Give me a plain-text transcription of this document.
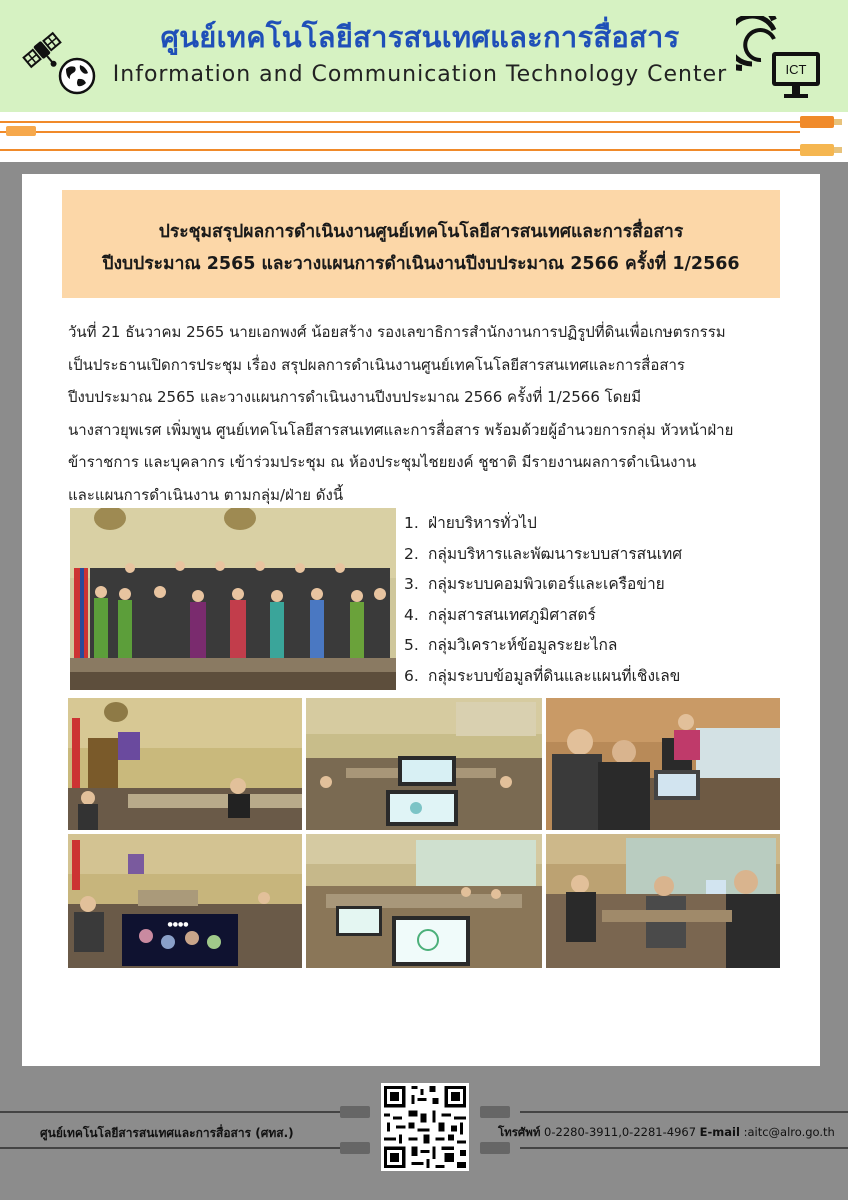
ศูนย์เทคโนโลยีสารสนเทศและการสื่อสาร
Information and Communication Technology Center	ICT
ประชุมสรุปผลการดำเนินงานศูนย์เทคโนโลยีสารสนเทศและการสื่อสาร
ปีงบประมาณ 2565 และวางแผนการดำเนินงานปีงบประมาณ 2566 ครั้งที่ 1/2566
วันที่ 21 ธันวาคม 2565 นายเอกพงศ์ น้อยสร้าง รองเลขาธิการสำนักงานการปฏิรูปที่ดินเพื่อเกษตรกรรม
เป็นประธานเปิดการประชุม เรื่อง สรุปผลการดำเนินงานศูนย์เทคโนโลยีสารสนเทศและการสื่อสาร
ปีงบประมาณ 2565 และวางแผนการดำเนินงานปีงบประมาณ 2566 ครั้งที่ 1/2566 โดยมี
นางสาวยุพเรศ เพิ่มพูน ศูนย์เทคโนโลยีสารสนเทศและการสื่อสาร พร้อมด้วยผู้อำนวยการกลุ่ม หัวหน้าฝ่าย
ข้าราชการ และบุคลากร เข้าร่วมประชุม ณ ห้องประชุมไชยยงค์ ชูชาติ มีรายงานผลการดำเนินงาน
และแผนการดำเนินงาน ตามกลุ่ม/ฝ่าย ดังนี้
1. ฝ่ายบริหารทั่วไป
2. กลุ่มบริหารและพัฒนาระบบสารสนเทศ
3. กลุ่มระบบคอมพิวเตอร์และเครือข่าย
4. กลุ่มสารสนเทศภูมิศาสตร์
5. กลุ่มวิเคราะห์ข้อมูลระยะไกล
6. กลุ่มระบบข้อมูลที่ดินและแผนที่เชิงเลข
●●●●
ศูนย์เทคโนโลยีสารสนเทศและการสื่อสาร (ศทส.)	โทรศัพท์ 0-2280-3911,0-2281-4967 E-mail :aitc@alro.go.th
